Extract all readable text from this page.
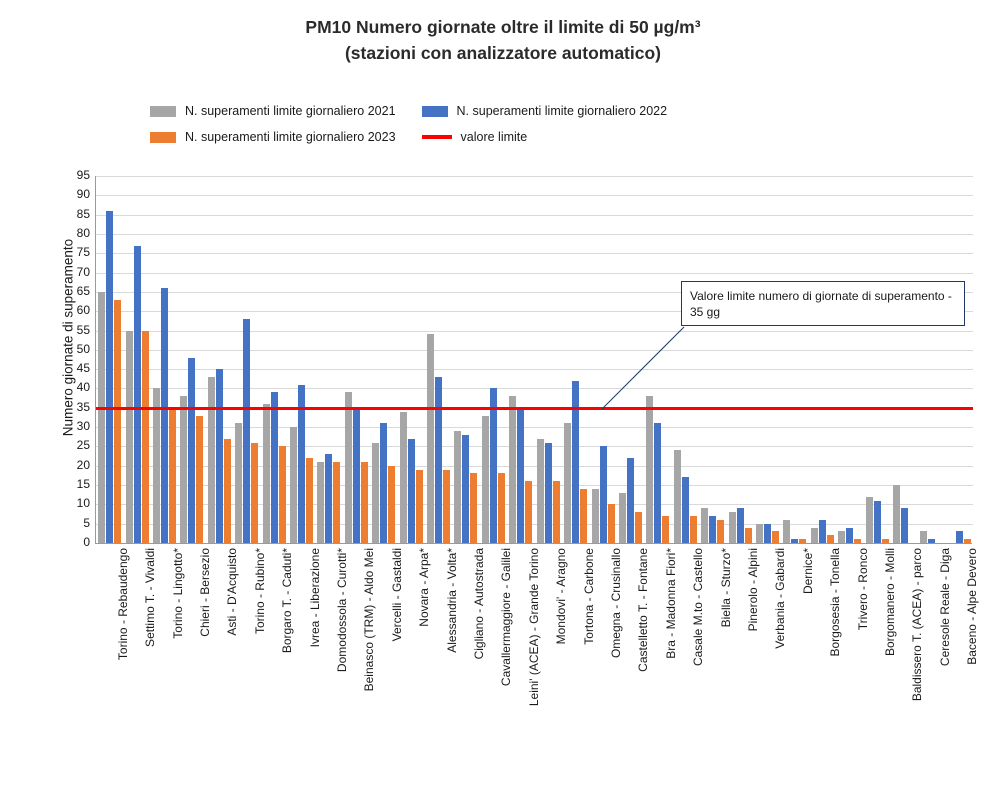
PM10 Numero giornate oltre il limite di 50 µg/m³
(stazioni con analizzatore automatico)
N. superamenti limite giornaliero 2021	N. superamenti limite giornaliero 2022
N. superamenti limite giornaliero 2023	valore limite
Numero giornate di superamento
0
5
10
15
20
25
30
35
40
45
50
55
60
65
70
75
80
85
90
95
Torino - Rebaudengo Settimo T. - Vivaldi Torino - Lingotto* Chieri - Bersezio Asti - D'Acquisto Torino - Rubino* Borgaro T. - Caduti* Ivrea - Liberazione Domodossola - Curotti* Beinasco (TRM) - Aldo Mei Vercelli - Gastaldi Novara - Arpa* Alessandria - Volta* Cigliano - Autostrada Cavallermaggiore - Galilei Leini' (ACEA) - Grande Torino Mondovi' - Aragno Tortona - Carbone Omegna - Crusinallo Castelletto T. - Fontane Bra - Madonna Fiori* Casale M.to - Castello Biella - Sturzo* Pinerolo - Alpini Verbania - Gabardi Dernice* Borgosesia - Tonella Trivero - Ronco Borgomanero - Molli Baldissero T. (ACEA) - parco Ceresole Reale - Diga Baceno - Alpe Devero
Valore limite numero di giornate di superamento - 35 gg
